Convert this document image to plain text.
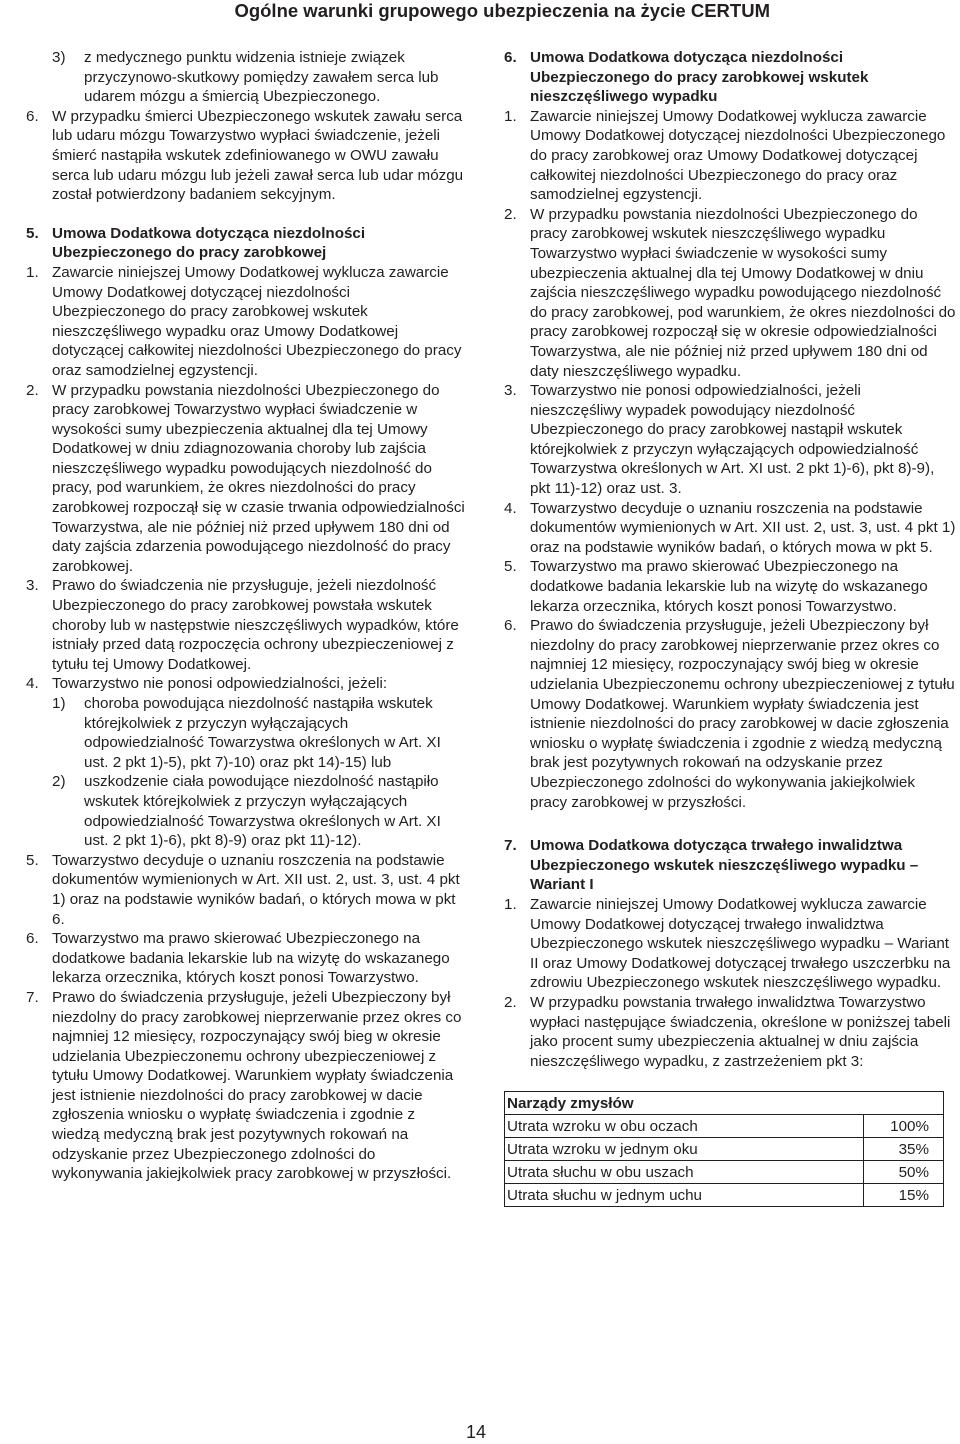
Ogólne warunki grupowego ubezpieczenia na życie CERTUM
3) z medycznego punktu widzenia istnieje związek przyczynowo-skutkowy pomiędzy zawałem serca lub udarem mózgu a śmiercią Ubezpieczonego.
6. W przypadku śmierci Ubezpieczonego wskutek zawału serca lub udaru mózgu Towarzystwo wypłaci świadczenie, jeżeli śmierć nastąpiła wskutek zdefiniowanego w OWU zawału serca lub udaru mózgu lub jeżeli zawał serca lub udar mózgu został potwierdzony badaniem sekcyjnym.
5. Umowa Dodatkowa dotycząca niezdolności Ubezpieczonego do pracy zarobkowej
1. Zawarcie niniejszej Umowy Dodatkowej wyklucza zawarcie Umowy Dodatkowej dotyczącej niezdolności Ubezpieczonego do pracy zarobkowej wskutek nieszczęśliwego wypadku oraz Umowy Dodatkowej dotyczącej całkowitej niezdolności Ubezpieczonego do pracy oraz samodzielnej egzystencji.
2. W przypadku powstania niezdolności Ubezpieczonego do pracy zarobkowej Towarzystwo wypłaci świadczenie w wysokości sumy ubezpieczenia aktualnej dla tej Umowy Dodatkowej w dniu zdiagnozowania choroby lub zajścia nieszczęśliwego wypadku powodujących niezdolność do pracy, pod warunkiem, że okres niezdolności do pracy zarobkowej rozpoczął się w czasie trwania odpowiedzialności Towarzystwa, ale nie później niż przed upływem 180 dni od daty zajścia zdarzenia powodującego niezdolność do pracy zarobkowej.
3. Prawo do świadczenia nie przysługuje, jeżeli niezdolność Ubezpieczonego do pracy zarobkowej powstała wskutek choroby lub w następstwie nieszczęśliwych wypadków, które istniały przed datą rozpoczęcia ochrony ubezpieczeniowej z tytułu tej Umowy Dodatkowej.
4. Towarzystwo nie ponosi odpowiedzialności, jeżeli:
1) choroba powodująca niezdolność nastąpiła wskutek którejkolwiek z przyczyn wyłączających odpowiedzialność Towarzystwa określonych w Art. XI ust. 2 pkt 1)-5), pkt 7)-10) oraz pkt 14)-15) lub
2) uszkodzenie ciała powodujące niezdolność nastąpiło wskutek którejkolwiek z przyczyn wyłączających odpowiedzialność Towarzystwa określonych w Art. XI ust. 2 pkt 1)-6), pkt 8)-9) oraz pkt 11)-12).
5. Towarzystwo decyduje o uznaniu roszczenia na podstawie dokumentów wymienionych w Art. XII ust. 2, ust. 3, ust. 4 pkt 1) oraz na podstawie wyników badań, o których mowa w pkt 6.
6. Towarzystwo ma prawo skierować Ubezpieczonego na dodatkowe badania lekarskie lub na wizytę do wskazanego lekarza orzecznika, których koszt ponosi Towarzystwo.
7. Prawo do świadczenia przysługuje, jeżeli Ubezpieczony był niezdolny do pracy zarobkowej nieprzerwanie przez okres co najmniej 12 miesięcy, rozpoczynający swój bieg w okresie udzielania Ubezpieczonemu ochrony ubezpieczeniowej z tytułu Umowy Dodatkowej. Warunkiem wypłaty świadczenia jest istnienie niezdolności do pracy zarobkowej w dacie zgłoszenia wniosku o wypłatę świadczenia i zgodnie z wiedzą medyczną brak jest pozytywnych rokowań na odzyskanie przez Ubezpieczonego zdolności do wykonywania jakiejkolwiek pracy zarobkowej w przyszłości.
6. Umowa Dodatkowa dotycząca niezdolności Ubezpieczonego do pracy zarobkowej wskutek nieszczęśliwego wypadku
1. Zawarcie niniejszej Umowy Dodatkowej wyklucza zawarcie Umowy Dodatkowej dotyczącej niezdolności Ubezpieczonego do pracy zarobkowej oraz Umowy Dodatkowej dotyczącej całkowitej niezdolności Ubezpieczonego do pracy oraz samodzielnej egzystencji.
2. W przypadku powstania niezdolności Ubezpieczonego do pracy zarobkowej wskutek nieszczęśliwego wypadku Towarzystwo wypłaci świadczenie w wysokości sumy ubezpieczenia aktualnej dla tej Umowy Dodatkowej w dniu zajścia nieszczęśliwego wypadku powodującego niezdolność do pracy zarobkowej, pod warunkiem, że okres niezdolności do pracy zarobkowej rozpoczął się w okresie odpowiedzialności Towarzystwa, ale nie później niż przed upływem 180 dni od daty nieszczęśliwego wypadku.
3. Towarzystwo nie ponosi odpowiedzialności, jeżeli nieszczęśliwy wypadek powodujący niezdolność Ubezpieczonego do pracy zarobkowej nastąpił wskutek którejkolwiek z przyczyn wyłączających odpowiedzialność Towarzystwa określonych w Art. XI ust. 2 pkt 1)-6), pkt 8)-9), pkt 11)-12) oraz ust. 3.
4. Towarzystwo decyduje o uznaniu roszczenia na podstawie dokumentów wymienionych w Art. XII ust. 2, ust. 3, ust. 4 pkt 1) oraz na podstawie wyników badań, o których mowa w pkt 5.
5. Towarzystwo ma prawo skierować Ubezpieczonego na dodatkowe badania lekarskie lub na wizytę do wskazanego lekarza orzecznika, których koszt ponosi Towarzystwo.
6. Prawo do świadczenia przysługuje, jeżeli Ubezpieczony był niezdolny do pracy zarobkowej nieprzerwanie przez okres co najmniej 12 miesięcy, rozpoczynający swój bieg w okresie udzielania Ubezpieczonemu ochrony ubezpieczeniowej z tytułu Umowy Dodatkowej. Warunkiem wypłaty świadczenia jest istnienie niezdolności do pracy zarobkowej w dacie zgłoszenia wniosku o wypłatę świadczenia i zgodnie z wiedzą medyczną brak jest pozytywnych rokowań na odzyskanie przez Ubezpieczonego zdolności do wykonywania jakiejkolwiek pracy zarobkowej w przyszłości.
7. Umowa Dodatkowa dotycząca trwałego inwalidztwa Ubezpieczonego wskutek nieszczęśliwego wypadku – Wariant I
1. Zawarcie niniejszej Umowy Dodatkowej wyklucza zawarcie Umowy Dodatkowej dotyczącej trwałego inwalidztwa Ubezpieczonego wskutek nieszczęśliwego wypadku – Wariant II oraz Umowy Dodatkowej dotyczącej trwałego uszczerbku na zdrowiu Ubezpieczonego wskutek nieszczęśliwego wypadku.
2. W przypadku powstania trwałego inwalidztwa Towarzystwo wypłaci następujące świadczenia, określone w poniższej tabeli jako procent sumy ubezpieczenia aktualnej w dniu zajścia nieszczęśliwego wypadku, z zastrzeżeniem pkt 3:
Narządy zmysłów	
Utrata wzroku w obu oczach	100%
Utrata wzroku w jednym oku	35%
Utrata słuchu w obu uszach	50%
Utrata słuchu w jednym uchu	15%
14
